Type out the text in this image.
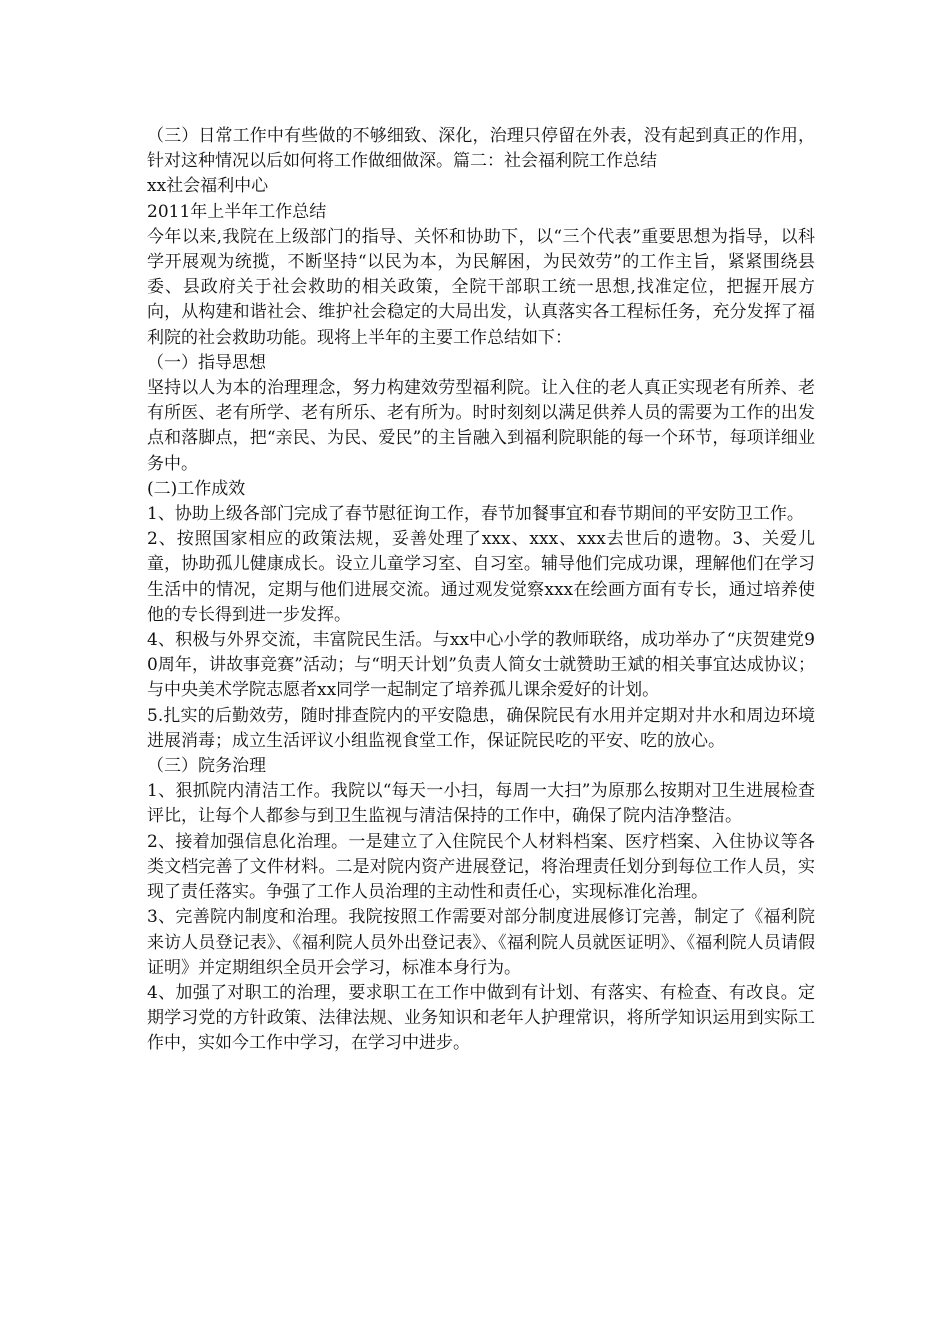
（三）日常工作中有些做的不够细致、深化，治理只停留在外表，没有起到真正的作用，针对这种情况以后如何将工作做细做深。篇二：社会福利院工作总结

xx社会福利中心

2011年上半年工作总结

今年以来,我院在上级部门的指导、关怀和协助下，以“三个代表”重要思想为指导，以科学开展观为统揽，不断坚持“以民为本，为民解困，为民效劳”的工作主旨，紧紧围绕县委、县政府关于社会救助的相关政策，全院干部职工统一思想,找准定位，把握开展方向，从构建和谐社会、维护社会稳定的大局出发，认真落实各工程标任务，充分发挥了福利院的社会救助功能。现将上半年的主要工作总结如下：

（一）指导思想

坚持以人为本的治理理念，努力构建效劳型福利院。让入住的老人真正实现老有所养、老有所医、老有所学、老有所乐、老有所为。时时刻刻以满足供养人员的需要为工作的出发点和落脚点，把“亲民、为民、爱民”的主旨融入到福利院职能的每一个环节，每项详细业务中。

(二)工作成效

1、协助上级各部门完成了春节慰征询工作，春节加餐事宜和春节期间的平安防卫工作。

2、按照国家相应的政策法规，妥善处理了xxx、xxx、xxx去世后的遗物。3、关爱儿童，协助孤儿健康成长。设立儿童学习室、自习室。辅导他们完成功课，理解他们在学习生活中的情况，定期与他们进展交流。通过观发觉察xxx在绘画方面有专长，通过培养使他的专长得到进一步发挥。

4、积极与外界交流，丰富院民生活。与xx中心小学的教师联络，成功举办了“庆贺建党90周年，讲故事竞赛”活动；与“明天计划”负责人简女士就赞助王斌的相关事宜达成协议；与中央美术学院志愿者xx同学一起制定了培养孤儿课余爱好的计划。

5.扎实的后勤效劳，随时排查院内的平安隐患，确保院民有水用并定期对井水和周边环境进展消毒；成立生活评议小组监视食堂工作，保证院民吃的平安、吃的放心。

（三）院务治理

1、狠抓院内清洁工作。我院以“每天一小扫，每周一大扫”为原那么按期对卫生进展检查评比，让每个人都参与到卫生监视与清洁保持的工作中，确保了院内洁净整洁。

2、接着加强信息化治理。一是建立了入住院民个人材料档案、医疗档案、入住协议等各类文档完善了文件材料。二是对院内资产进展登记，将治理责任划分到每位工作人员，实现了责任落实。争强了工作人员治理的主动性和责任心，实现标准化治理。

3、完善院内制度和治理。我院按照工作需要对部分制度进展修订完善，制定了《福利院来访人员登记表》、《福利院人员外出登记表》、《福利院人员就医证明》、《福利院人员请假证明》并定期组织全员开会学习，标准本身行为。

4、加强了对职工的治理，要求职工在工作中做到有计划、有落实、有检查、有改良。定期学习党的方针政策、法律法规、业务知识和老年人护理常识，将所学知识运用到实际工作中，实如今工作中学习，在学习中进步。
